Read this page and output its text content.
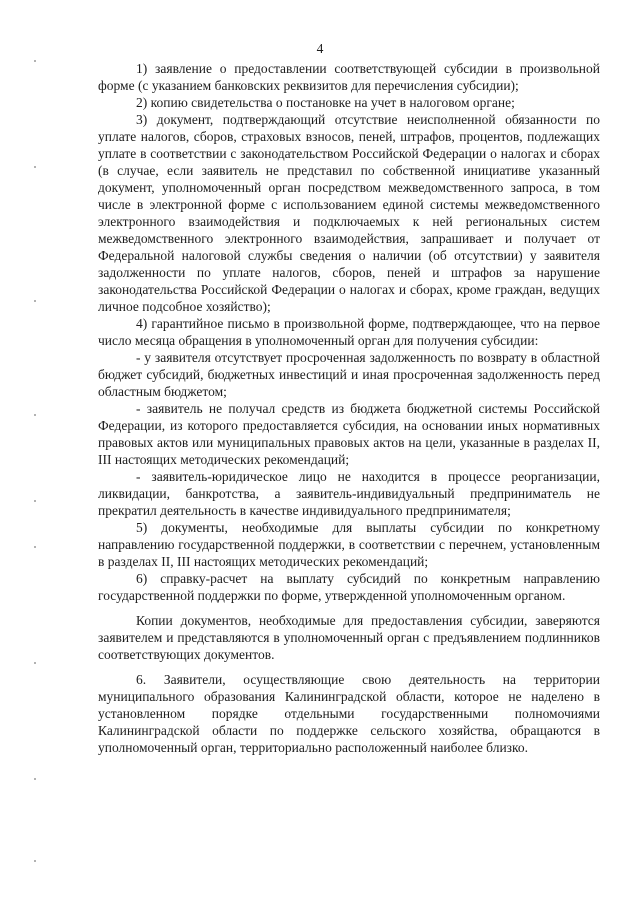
4

1) заявление о предоставлении соответствующей субсидии в произвольной форме (с указанием банковских реквизитов для перечисления субсидии);

2) копию свидетельства о постановке на учет в налоговом органе;

3) документ, подтверждающий отсутствие неисполненной обязанности по уплате налогов, сборов, страховых взносов, пеней, штрафов, процентов, подлежащих уплате в соответствии с законодательством Российской Федерации о налогах и сборах (в случае, если заявитель не представил по собственной инициативе указанный документ, уполномоченный орган посредством межведомственного запроса, в том числе в электронной форме с использованием единой системы межведомственного электронного взаимодействия и подключаемых к ней региональных систем межведомственного электронного взаимодействия, запрашивает и получает от Федеральной налоговой службы сведения о наличии (об отсутствии) у заявителя задолженности по уплате налогов, сборов, пеней и штрафов за нарушение законодательства Российской Федерации о налогах и сборах, кроме граждан, ведущих личное подсобное хозяйство);

4) гарантийное письмо в произвольной форме, подтверждающее, что на первое число месяца обращения в уполномоченный орган для получения субсидии:

- у заявителя отсутствует просроченная задолженность по возврату в областной бюджет субсидий, бюджетных инвестиций и иная просроченная задолженность перед областным бюджетом;

- заявитель не получал средств из бюджета бюджетной системы Российской Федерации, из которого предоставляется субсидия, на основании иных нормативных правовых актов или муниципальных правовых актов на цели, указанные в разделах II, III настоящих методических рекомендаций;

- заявитель-юридическое лицо не находится в процессе реорганизации, ликвидации, банкротства, а заявитель-индивидуальный предприниматель не прекратил деятельность в качестве индивидуального предпринимателя;

5) документы, необходимые для выплаты субсидии по конкретному направлению государственной поддержки, в соответствии с перечнем, установленным в разделах II, III настоящих методических рекомендаций;

6) справку-расчет на выплату субсидий по конкретным направлению государственной поддержки по форме, утвержденной уполномоченным органом.

Копии документов, необходимые для предоставления субсидии, заверяются заявителем и представляются в уполномоченный орган с предъявлением подлинников соответствующих документов.

6. Заявители, осуществляющие свою деятельность на территории муниципального образования Калининградской области, которое не наделено в установленном порядке отдельными государственными полномочиями Калининградской области по поддержке сельского хозяйства, обращаются в уполномоченный орган, территориально расположенный наиболее близко.
